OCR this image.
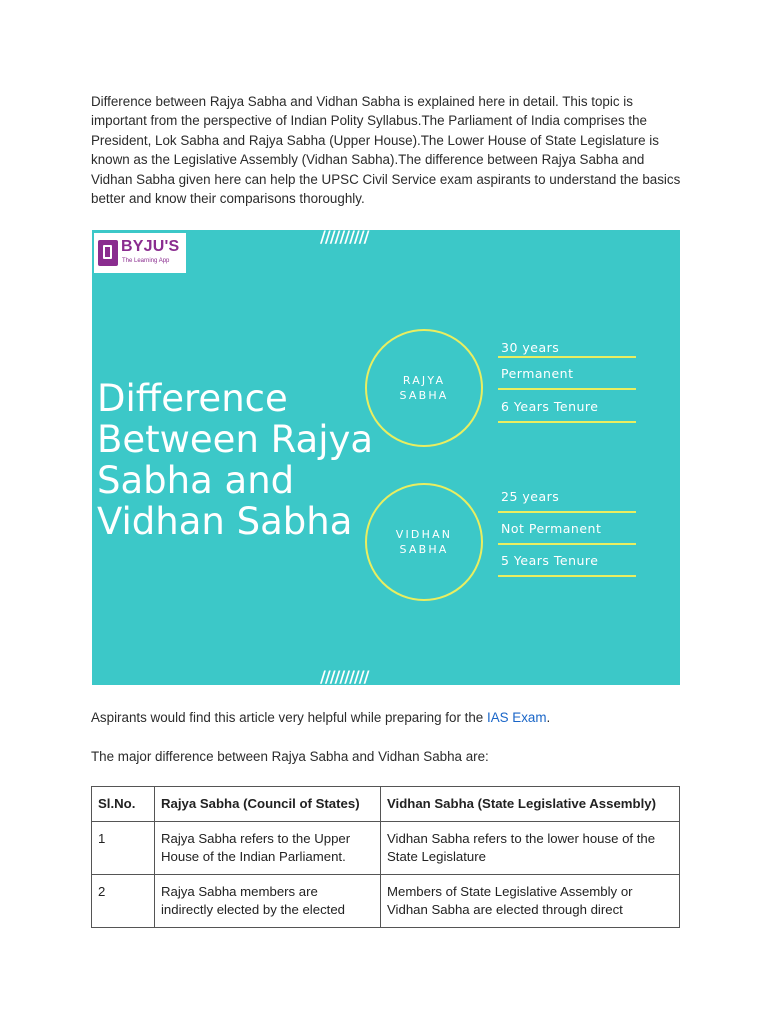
Difference between Rajya Sabha and Vidhan Sabha is explained here in detail. This topic is important from the perspective of Indian Polity Syllabus.The Parliament of India comprises the President, Lok Sabha and Rajya Sabha (Upper House).The Lower House of State Legislature is known as the Legislative Assembly (Vidhan Sabha).The difference between Rajya Sabha and Vidhan Sabha given here can help the UPSC Civil Service exam aspirants to understand the basics better and know their comparisons thoroughly.

BYJU'S
The Learning App
//////////
Difference
Between Rajya
Sabha and
Vidhan Sabha
RAJYA
SABHA
30 years
Permanent
6 Years Tenure
VIDHAN
SABHA
25 years
Not Permanent
5 Years Tenure
//////////
Aspirants would find this article very helpful while preparing for the IAS Exam.
The major difference between Rajya Sabha and Vidhan Sabha are:
Sl.No.	Rajya Sabha (Council of States)	Vidhan Sabha (State Legislative Assembly)
1	Rajya Sabha refers to the Upper House of the Indian Parliament.	Vidhan Sabha refers to the lower house of the State Legislature
2	Rajya Sabha members are indirectly elected by the elected	Members of State Legislative Assembly or Vidhan Sabha are elected through direct
